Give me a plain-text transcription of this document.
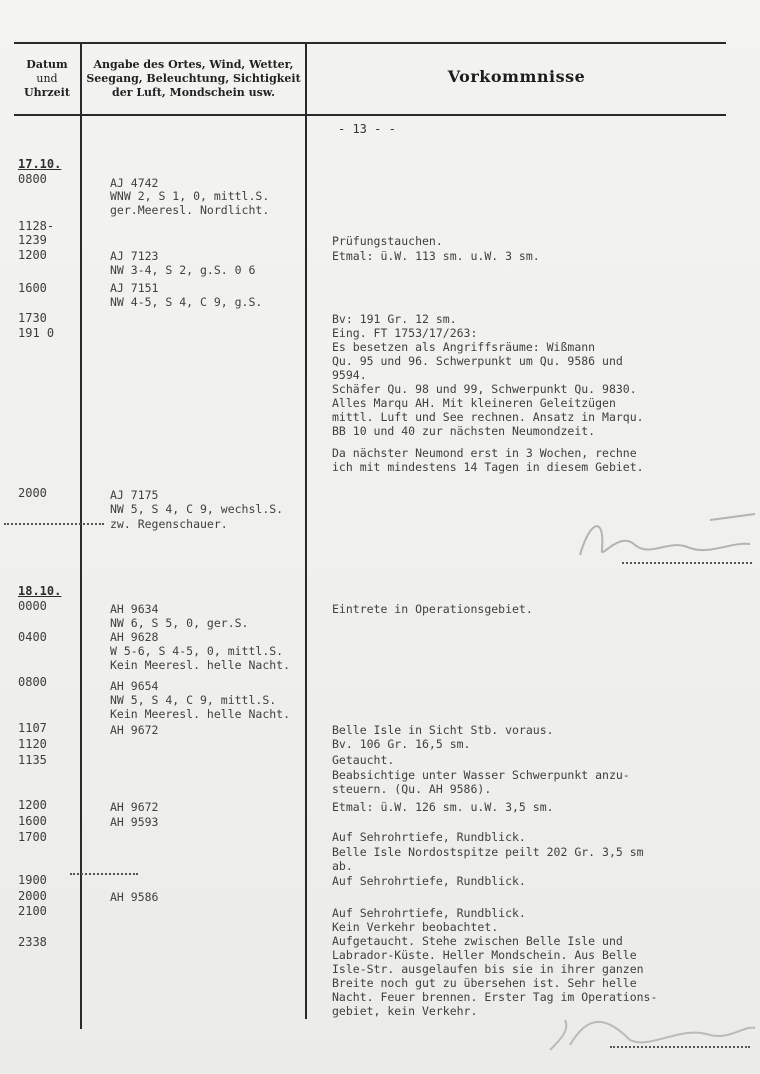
Datum
und
Uhrzeit
Angabe des Ortes, Wind, Wetter,
Seegang, Beleuchtung, Sichtigkeit
der Luft, Mondschein usw.
Vorkommnisse
- 13 - -
17.10.
0800
1128-
1239
1200
1600
1730
191 0
2000
18.10.
0000
0400
0800
1107
1120
1135
1200
1600
1700
1900
2000
2100
2338
AJ 4742
WNW 2, S 1, 0, mittl.S.
ger.Meeresl. Nordlicht.
AJ 7123
NW 3-4, S 2, g.S. 0 6
AJ 7151
NW 4-5, S 4, C 9, g.S.
AJ 7175
NW 5, S 4, C 9, wechsl.S.
zw. Regenschauer.
AH 9634
NW 6, S 5, 0, ger.S.
AH 9628
W 5-6, S 4-5, 0, mittl.S.
Kein Meeresl. helle Nacht.
AH 9654
NW 5, S 4, C 9, mittl.S.
Kein Meeresl. helle Nacht.
AH 9672
AH 9672
AH 9593
AH 9586
Prüfungstauchen.
Etmal: ü.W. 113 sm. u.W. 3 sm.
Bv: 191 Gr. 12 sm.
Eing. FT 1753/17/263:
Es besetzen als Angriffsräume: Wißmann
Qu. 95 und 96. Schwerpunkt um Qu. 9586 und
9594.
Schäfer Qu. 98 und 99, Schwerpunkt Qu. 9830.
Alles Marqu AH. Mit kleineren Geleitzügen
mittl. Luft und See rechnen. Ansatz in Marqu.
BB 10 und 40 zur nächsten Neumondzeit.
Da nächster Neumond erst in 3 Wochen, rechne
ich mit mindestens 14 Tagen in diesem Gebiet.
Eintrete in Operationsgebiet.
Belle Isle in Sicht Stb. voraus.
Bv. 106 Gr. 16,5 sm.
Getaucht.
Beabsichtige unter Wasser Schwerpunkt anzu-
steuern. (Qu. AH 9586).
Etmal: ü.W. 126 sm. u.W. 3,5 sm.
Auf Sehrohrtiefe, Rundblick.
Belle Isle Nordostspitze peilt 202 Gr. 3,5 sm
ab.
Auf Sehrohrtiefe, Rundblick.
Auf Sehrohrtiefe, Rundblick.
Kein Verkehr beobachtet.
Aufgetaucht. Stehe zwischen Belle Isle und
Labrador-Küste. Heller Mondschein. Aus Belle
Isle-Str. ausgelaufen bis sie in ihrer ganzen
Breite noch gut zu übersehen ist. Sehr helle
Nacht. Feuer brennen. Erster Tag im Operations-
gebiet, kein Verkehr.
